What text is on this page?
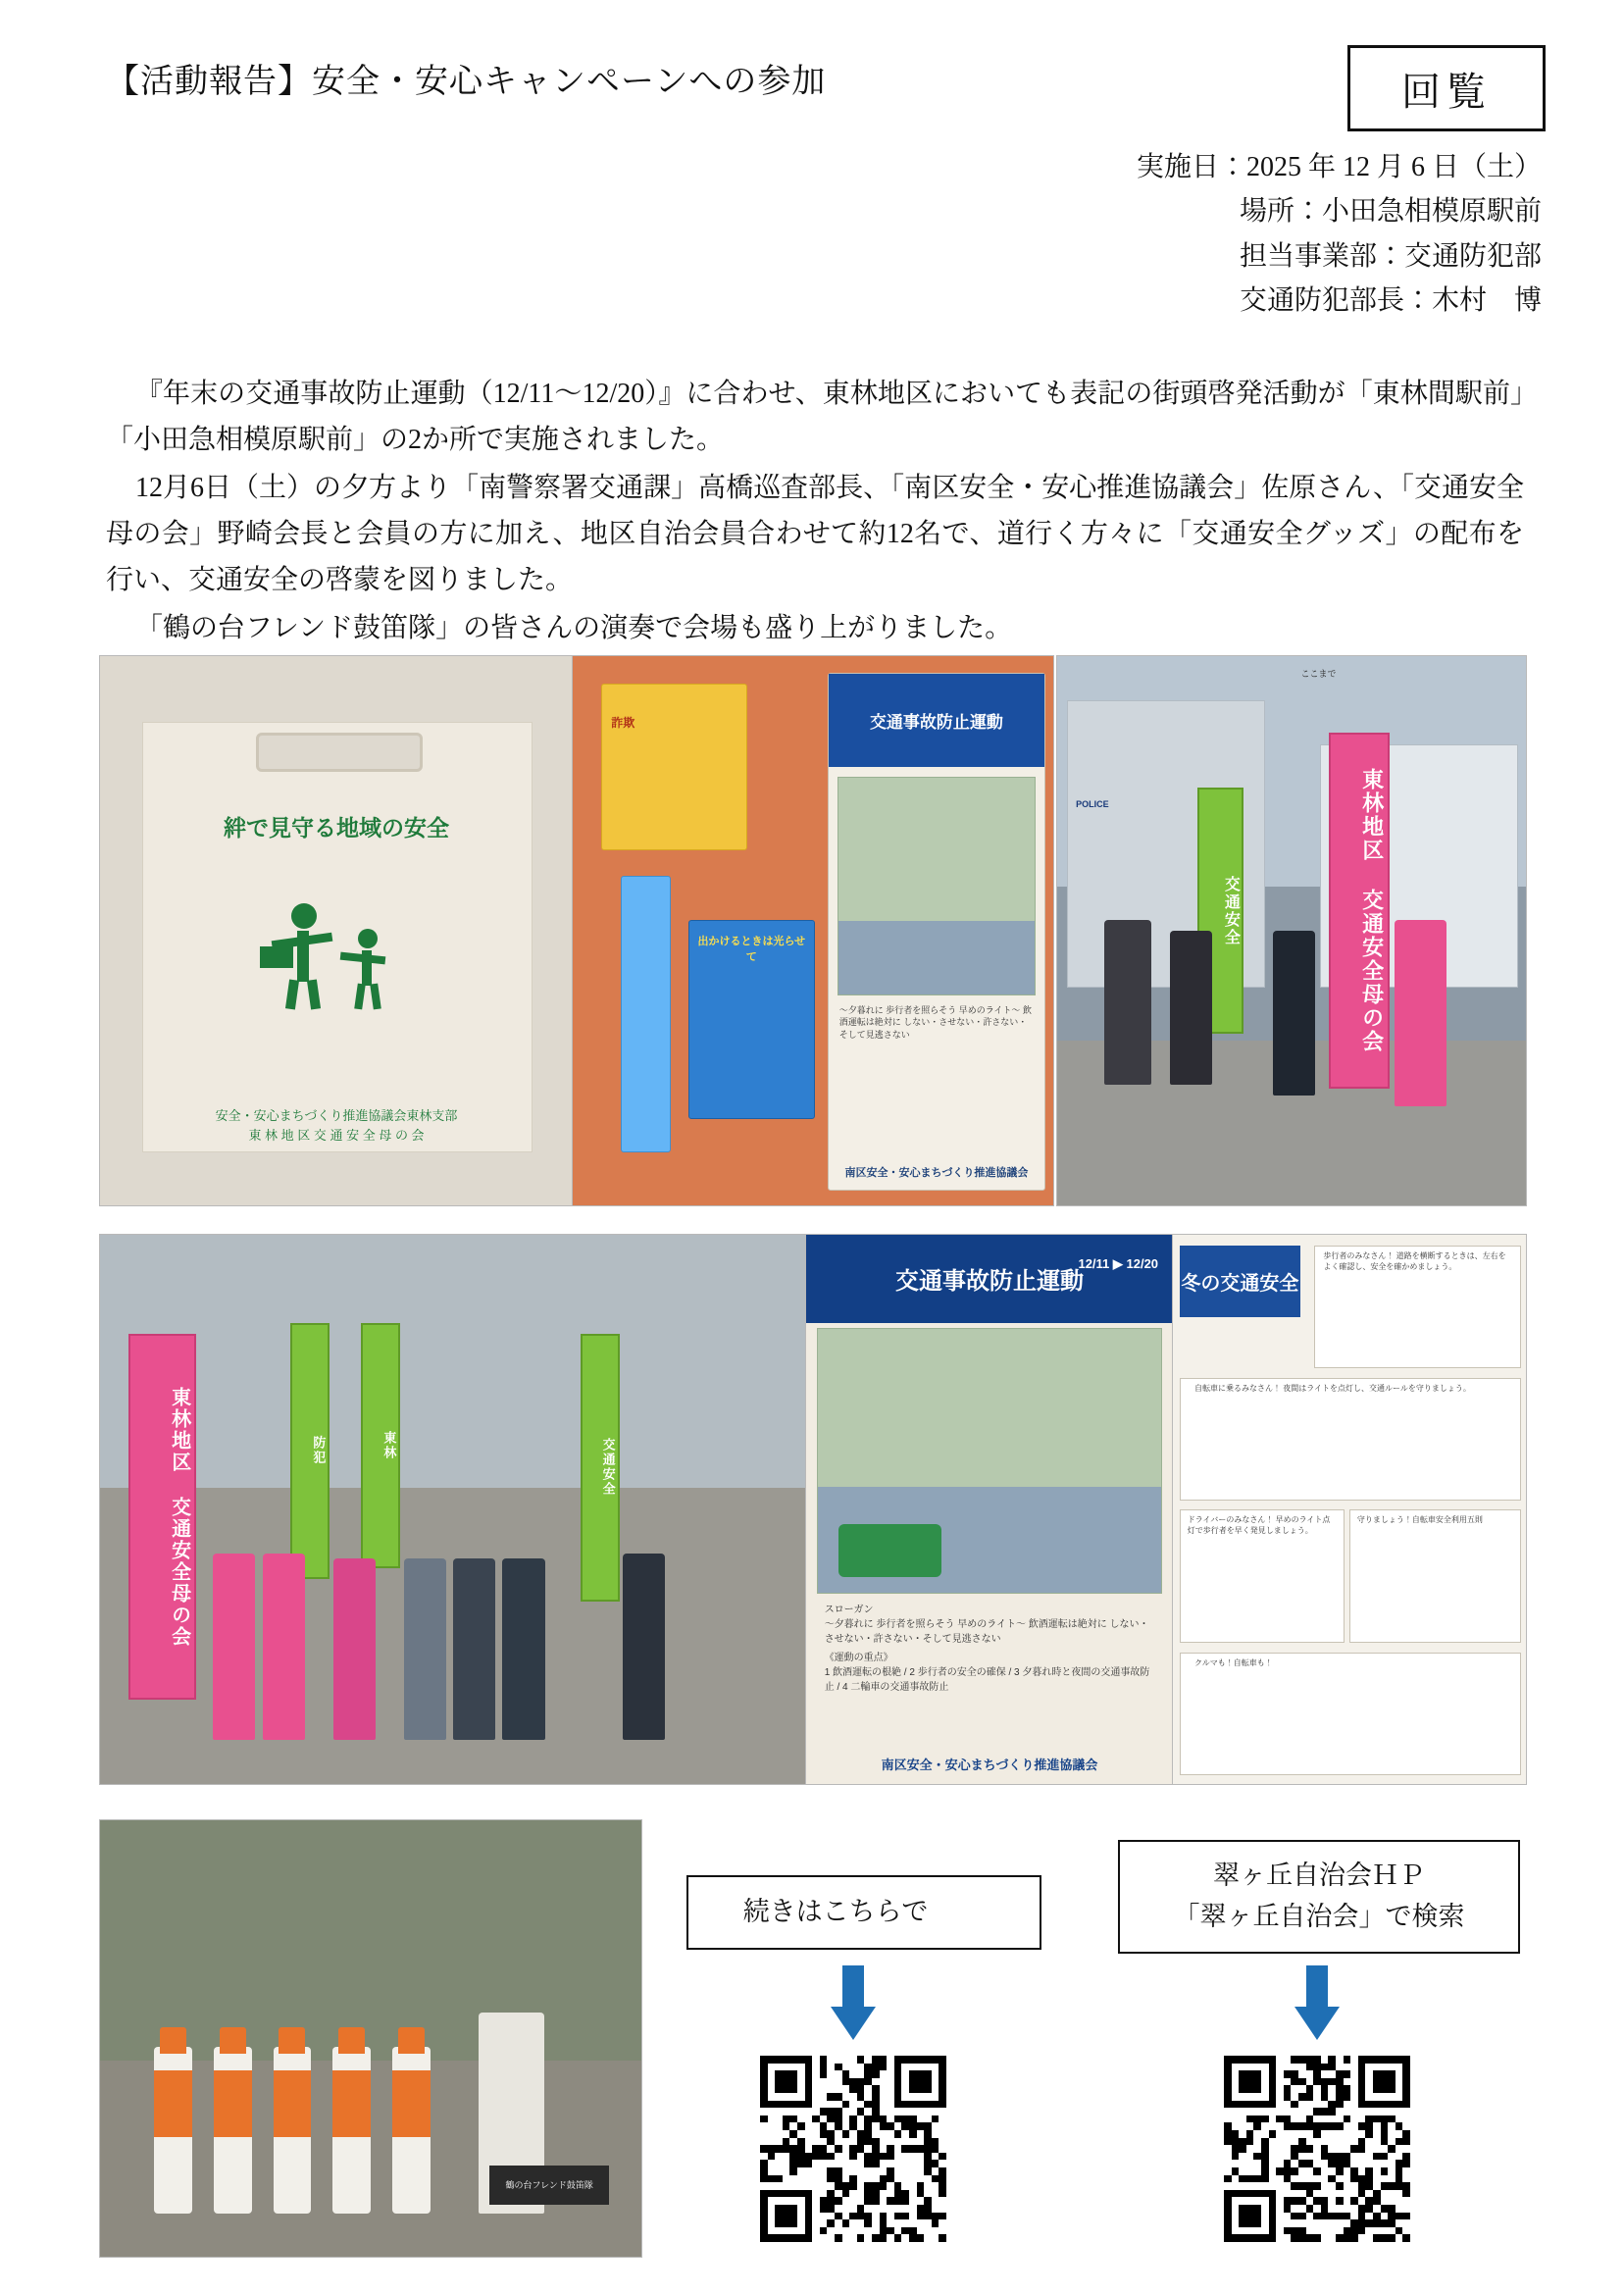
【活動報告】安全・安心キャンペーンへの参加	回覧
実施日：2025 年 12 月 6 日（土）
場所：小田急相模原駅前
担当事業部：交通防犯部
交通防犯部長：木村　博

『年末の交通事故防止運動（12/11〜12/20）』に合わせ、東林地区においても表記の街頭啓発活動が「東林間駅前」「小田急相模原駅前」の2か所で実施されました。

12月6日（土）の夕方より「南警察署交通課」高橋巡査部長、「南区安全・安心推進協議会」佐原さん、「交通安全母の会」野崎会長と会員の方に加え、地区自治会員合わせて約12名で、道行く方々に「交通安全グッズ」の配布を行い、交通安全の啓蒙を図りました。

「鶴の台フレンド鼓笛隊」の皆さんの演奏で会場も盛り上がりました。

絆で見守る地域の安全
安全・安心まちづくり推進協議会東林支部
東 林 地 区 交 通 安 全 母 の 会
詐欺
出かけるときは光らせて
交通事故防止運動
〜夕暮れに 歩行者を照らそう 早めのライト〜 飲酒運転は絶対に しない・させない・許さない・そして見逃さない
南区安全・安心まちづくり推進協議会
東林地区 交通安全母の会
交通安全
ここまで
POLICE
東林地区 交通安全母の会	防犯	東林	交通安全
交通事故防止運動
12/11 ▶ 12/20
スローガン
〜夕暮れに 歩行者を照らそう 早めのライト〜 飲酒運転は絶対に しない・させない・許さない・そして見逃さない
《運動の重点》
1 飲酒運転の根絶 / 2 歩行者の安全の確保 / 3 夕暮れ時と夜間の交通事故防止 / 4 二輪車の交通事故防止
南区安全・安心まちづくり推進協議会
冬の交通安全
歩行者のみなさん！ 道路を横断するときは、左右をよく確認し、安全を確かめましょう。
自転車に乗るみなさん！ 夜間はライトを点灯し、交通ルールを守りましょう。
ドライバーのみなさん！ 早めのライト点灯で歩行者を早く発見しましょう。
守りましょう！自転車安全利用五則
クルマも！自転車も！
鶴の台フレンド鼓笛隊
続きはこちらで
翠ヶ丘自治会ＨＰ
「翠ヶ丘自治会」で検索
